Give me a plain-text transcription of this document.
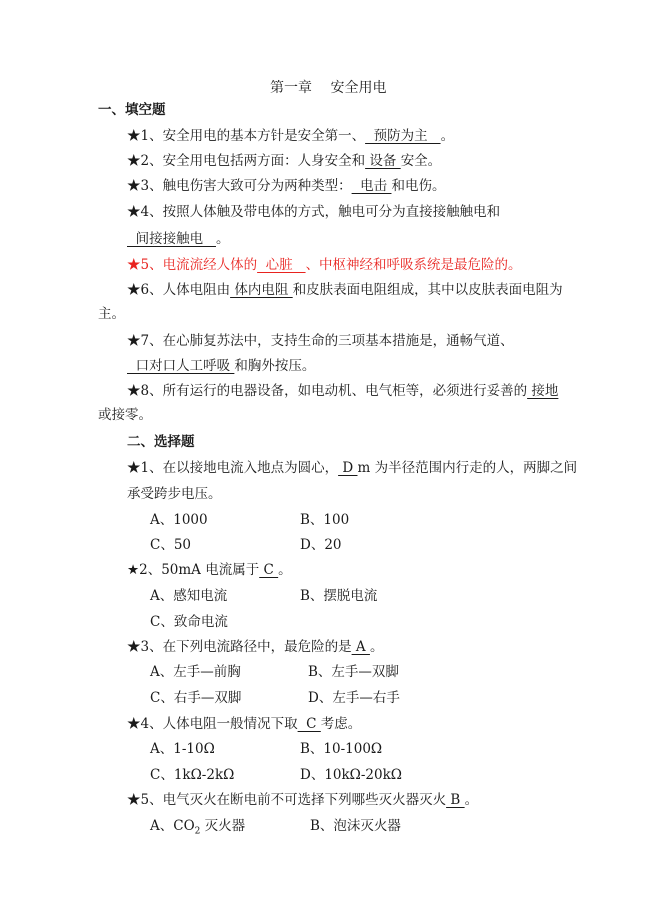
第一章　 安全用电
一、填空题
★1、安全用电的基本方针是安全第一、  预防为主   。
★2、安全用电包括两方面：人身安全和 设备 安全。
★3、触电伤害大致可分为两种类型：  电击 和电伤。
★4、按照人体触及带电体的方式，触电可分为直接接触触电和
间接接触电   。
★5、电流流经人体的  心脏   、中枢神经和呼吸系统是最危险的。
★6、人体电阻由 体内电阻 和皮肤表面电阻组成，其中以皮肤表面电阻为
主。
★7、在心肺复苏法中，支持生命的三项基本措施是，通畅气道、
口对口人工呼吸 和胸外按压。
★8、所有运行的电器设备，如电动机、电气柜等，必须进行妥善的 接地
或接零。
二、选择题
★1、在以接地电流入地点为圆心， D m 为半径范围内行走的人，两脚之间
承受跨步电压。
A、1000	B、100
C、50	D、20
★2、50mA 电流属于 C 。
A、感知电流	B、摆脱电流
C、致命电流
★3、在下列电流路径中，最危险的是 A 。
A、左手—前胸	B、左手—双脚
C、右手—双脚	D、左手—右手
★4、人体电阻一般情况下取  C 考虑。
A、1-10Ω	B、10-100Ω
C、1kΩ-2kΩ	D、10kΩ-20kΩ
★5、电气灭火在断电前不可选择下列哪些灭火器灭火 B 。
A、$CO_2$ 灭火器	B、泡沫灭火器
